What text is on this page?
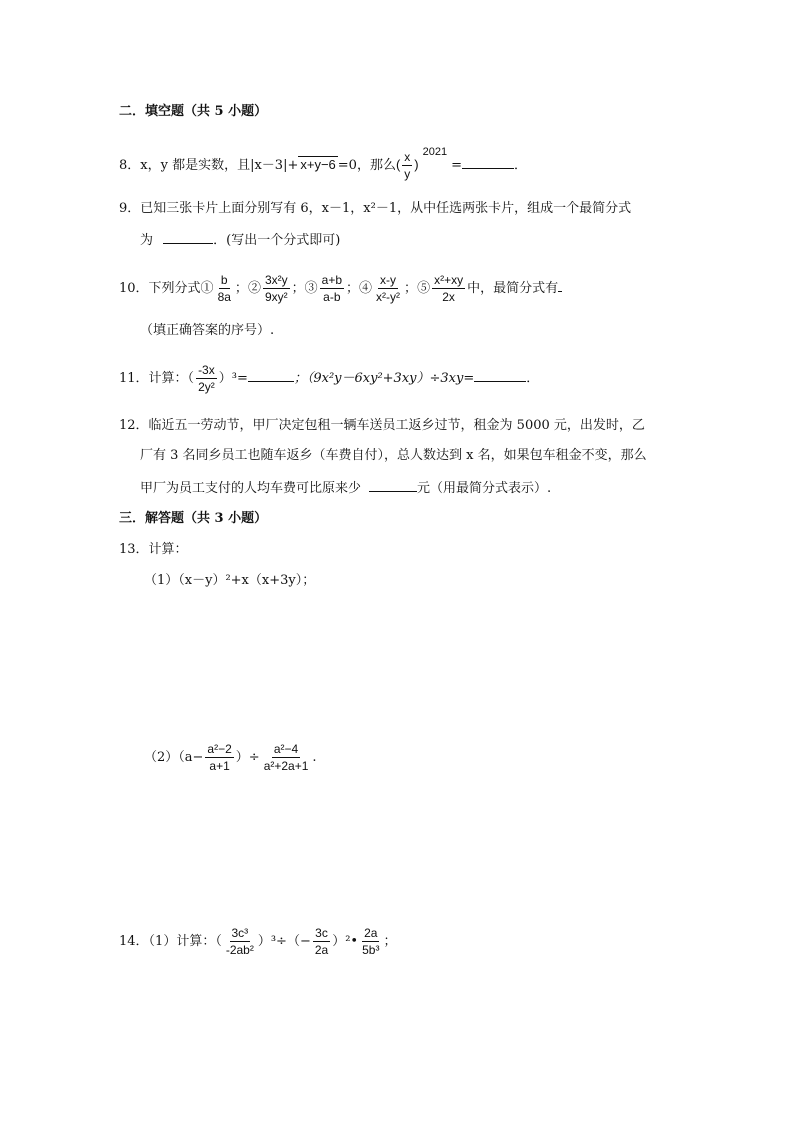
二．填空题（共 5 小题）
8．x，y 都是实数，且|x－3|+ x+y−6 =0，那么( $\frac{x}{y} )^{2021}=$	．
9．已知三张卡片上面分别写有 6，x－1，x²－1，从中任选两张卡片，组成一个最简分式
为	．(写出一个分式即可)
10．下列分式① $\frac{b}{8a}$ ；② $\frac{\text{3x²y}}{\text{9xy²}}$ ；③ $\frac{a+b}{a-b}$ ；④ $\frac{x-y}{\text{x²-y²}}$ ；⑤ $\frac{\text{x²+xy}}{2x}$ 中，最简分式有
（填正确答案的序号）.
11．计算：（ $\frac{-3x}{\text{2y²}} )^3=$	；（9x²y－6xy²+3xy）÷3xy=	．
12．临近五一劳动节，甲厂决定包租一辆车送员工返乡过节，租金为 5000 元，出发时，乙
厂有 3 名同乡员工也随车返乡（车费自付），总人数达到 x 名，如果包车租金不变，那么
甲厂为员工支付的人均车费可比原来少	元（用最简分式表示）.
三．解答题（共 3 小题）
13．计算：
（1）（x－y）²+x（x+3y）；
$(2)(a- \frac{\text{a²−2}}{a+1}$ ）÷ $\frac{\text{a²−4}}{\text{a²+2a+1}}$ .
14．（1）计算：（ $\frac{\text{3c³}}{\text{-2ab²}} )^3\div(- \frac{3c}{2a}$ ）²• $\frac{2a}{\text{5b³}}$ ；
